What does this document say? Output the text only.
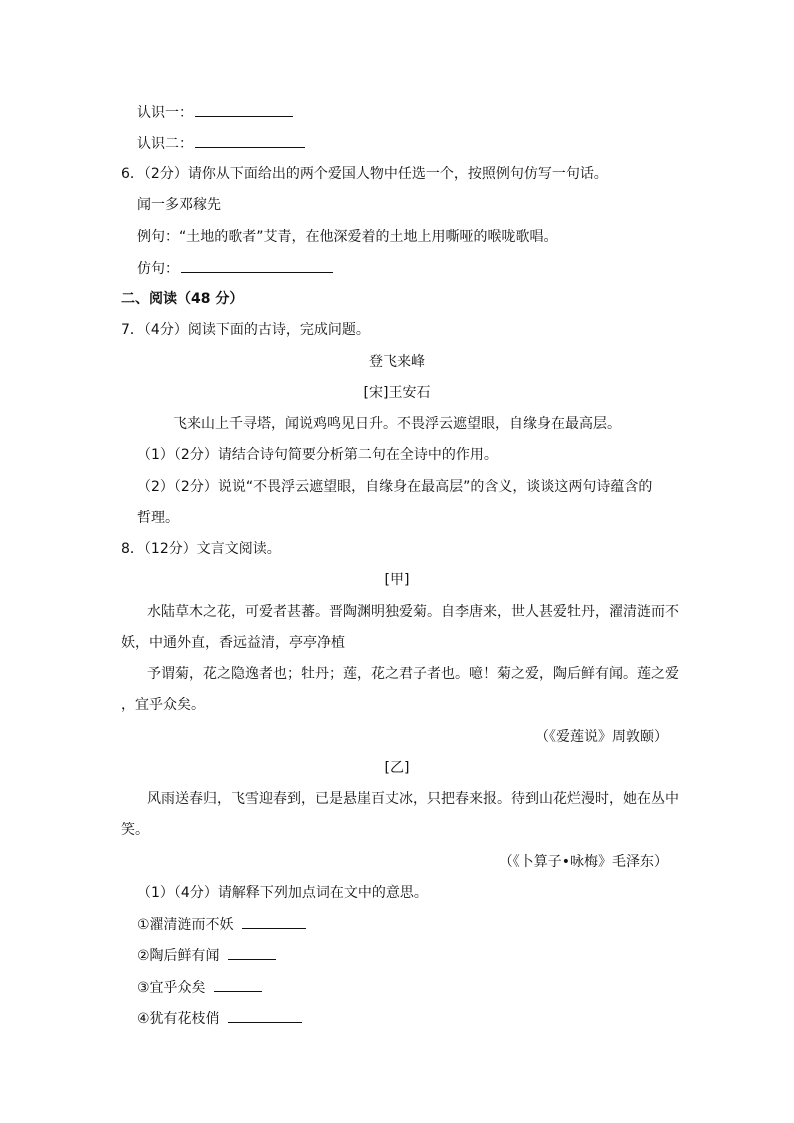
认识一：
认识二：
6．（2分）请你从下面给出的两个爱国人物中任选一个，按照例句仿写一句话。
闻一多邓稼先
例句：“土地的歌者”艾青，在他深爱着的土地上用嘶哑的喉咙歌唱。
仿句：
二、阅读（48 分）
7．（4分）阅读下面的古诗，完成问题。
登飞来峰
[宋]王安石
飞来山上千寻塔，闻说鸡鸣见日升。不畏浮云遮望眼，自缘身在最高层。
（1）（2分）请结合诗句简要分析第二句在全诗中的作用。
（2）（2分）说说“不畏浮云遮望眼，自缘身在最高层”的含义，谈谈这两句诗蕴含的
哲理。
8．（12分）文言文阅读。
[甲]
水陆草木之花，可爱者甚蕃。晋陶渊明独爱菊。自李唐来，世人甚爱牡丹，濯清涟而不
妖，中通外直，香远益清，亭亭净植
予谓菊，花之隐逸者也；牡丹；莲，花之君子者也。噫！菊之爱，陶后鲜有闻。莲之爱
，宜乎众矣。
（《爱莲说》周敦颐）
[乙]
风雨送春归，飞雪迎春到，已是悬崖百丈冰，只把春来报。待到山花烂漫时，她在丛中
笑。
（《卜算子•咏梅》毛泽东）
（1）（4分）请解释下列加点词在文中的意思。
①濯清涟而不妖
②陶后鲜有闻
③宜乎众矣
④犹有花枝俏
